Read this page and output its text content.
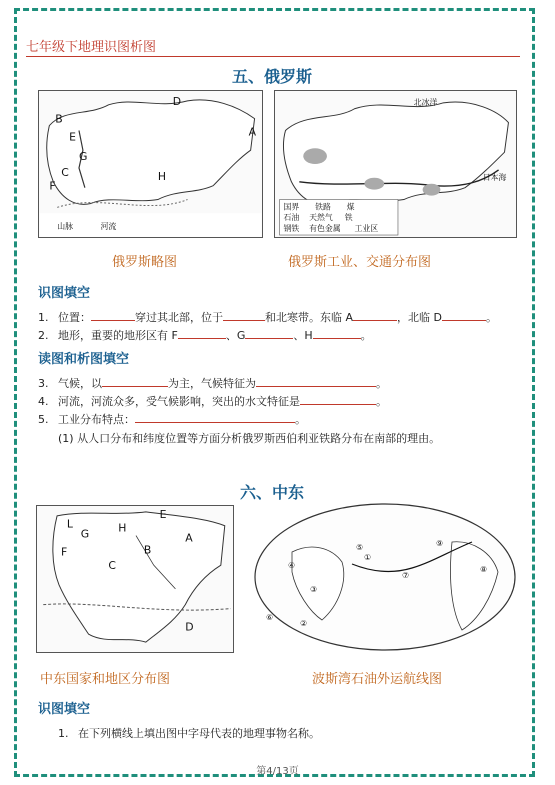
七年级下地理识图析图
五、俄罗斯
D
B
A
E
G
H
C
F
山脉	河流
北冰洋
日本海
国界 铁路 煤
石油 天然气 铁
钢铁 有色金属 工业区
俄罗斯略图	俄罗斯工业、交通分布图
识图填空
1. 位置：	穿过其北部，位于	和北寒带。东临 A	，北临 D	。
2. 地形，重要的地形区有 F	、G	、H	。
读图和析图填空
3. 气候，以	为主，气候特征为	。
4. 河流，河流众多，受气候影响，突出的水文特征是	。
5. 工业分布特点：	。
(1) 从人口分布和纬度位置等方面分析俄罗斯西伯利亚铁路分布在南部的理由。
六、中东
L
E
F
A
B
C
D
G	H
①
②
③
④
⑤
⑥
⑦
⑧
⑨
中东国家和地区分布图	波斯湾石油外运航线图
识图填空
1. 在下列横线上填出图中字母代表的地理事物名称。
第4/13页
